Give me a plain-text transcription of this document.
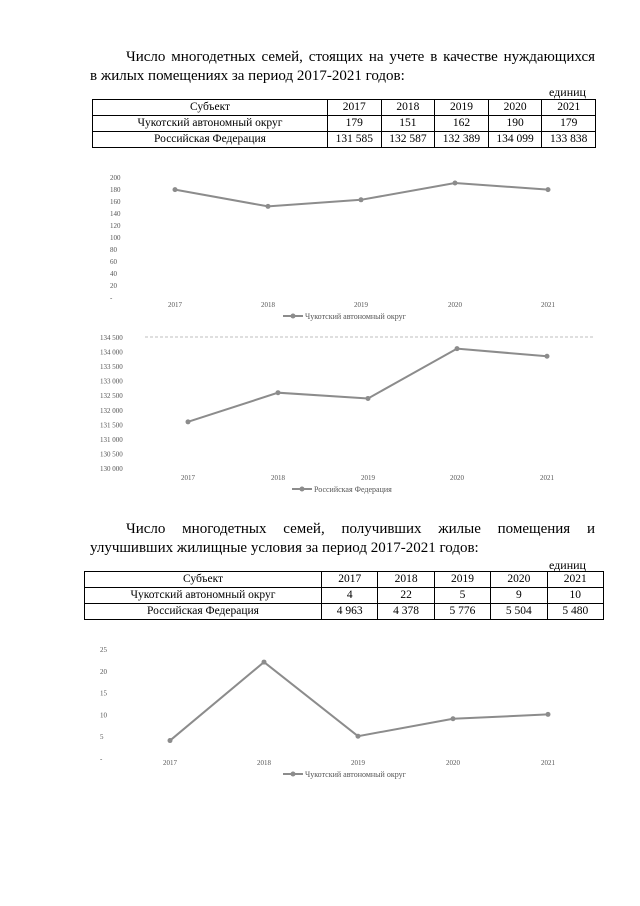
Число многодетных семей, стоящих на учете в качестве нуждающихся
в жилых помещениях за период 2017-2021 годов:
единиц
Субъект	2017	2018	2019	2020	2021
Чукотский автономный округ	179	151	162	190	179
Российская Федерация	131 585	132 587	132 389	134 099	133 838
200
180
160
140
120
100
80
60
40
20
-
2017	2018	2019	2020	2021
Чукотский автономный округ
134 500
134 000
133 500
133 000
132 500
132 000
131 500
131 000
130 500
130 000
2017	2018	2019	2020	2021
Российская Федерация
Число многодетных семей, получивших жилые помещения и
улучшивших жилищные условия за период 2017-2021 годов:
единиц
Субъект	2017	2018	2019	2020	2021
Чукотский автономный округ	4	22	5	9	10
Российская Федерация	4 963	4 378	5 776	5 504	5 480
25
20
15
10
5
-	2017	2018	2019	2020	2021
Чукотский автономный округ
